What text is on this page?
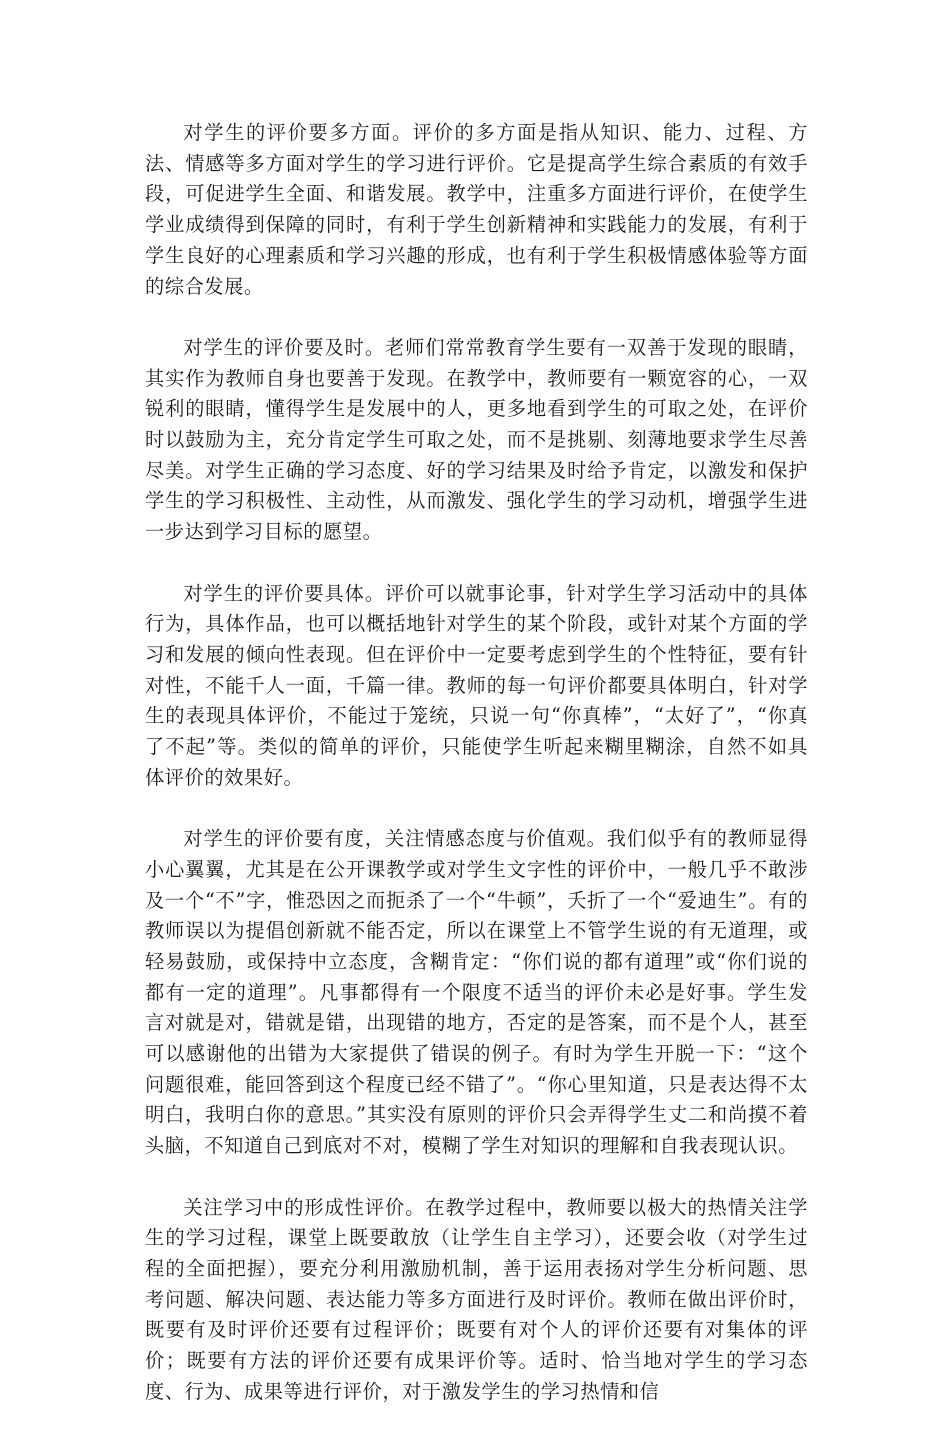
对学生的评价要多方面。评价的多方面是指从知识、能力、过程、方法、情感等多方面对学生的学习进行评价。它是提高学生综合素质的有效手段，可促进学生全面、和谐发展。教学中，注重多方面进行评价，在使学生学业成绩得到保障的同时，有利于学生创新精神和实践能力的发展，有利于学生良好的心理素质和学习兴趣的形成，也有利于学生积极情感体验等方面的综合发展。

对学生的评价要及时。老师们常常教育学生要有一双善于发现的眼睛，其实作为教师自身也要善于发现。在教学中，教师要有一颗宽容的心，一双锐利的眼睛，懂得学生是发展中的人，更多地看到学生的可取之处，在评价时以鼓励为主，充分肯定学生可取之处，而不是挑剔、刻薄地要求学生尽善尽美。对学生正确的学习态度、好的学习结果及时给予肯定，以激发和保护学生的学习积极性、主动性，从而激发、强化学生的学习动机，增强学生进一步达到学习目标的愿望。

对学生的评价要具体。评价可以就事论事，针对学生学习活动中的具体行为，具体作品，也可以概括地针对学生的某个阶段，或针对某个方面的学习和发展的倾向性表现。但在评价中一定要考虑到学生的个性特征，要有针对性，不能千人一面，千篇一律。教师的每一句评价都要具体明白，针对学生的表现具体评价，不能过于笼统，只说一句“你真棒”，“太好了”，“你真了不起”等。类似的简单的评价，只能使学生听起来糊里糊涂，自然不如具体评价的效果好。

对学生的评价要有度，关注情感态度与价值观。我们似乎有的教师显得小心翼翼，尤其是在公开课教学或对学生文字性的评价中，一般几乎不敢涉及一个“不”字，惟恐因之而扼杀了一个“牛顿”，夭折了一个“爱迪生”。有的教师误以为提倡创新就不能否定，所以在课堂上不管学生说的有无道理，或轻易鼓励，或保持中立态度，含糊肯定：“你们说的都有道理”或“你们说的都有一定的道理”。凡事都得有一个限度不适当的评价未必是好事。学生发言对就是对，错就是错，出现错的地方，否定的是答案，而不是个人，甚至可以感谢他的出错为大家提供了错误的例子。有时为学生开脱一下：“这个问题很难，能回答到这个程度已经不错了”。“你心里知道，只是表达得不太明白，我明白你的意思。”其实没有原则的评价只会弄得学生丈二和尚摸不着头脑，不知道自己到底对不对，模糊了学生对知识的理解和自我表现认识。

关注学习中的形成性评价。在教学过程中，教师要以极大的热情关注学生的学习过程，课堂上既要敢放（让学生自主学习），还要会收（对学生过程的全面把握），要充分利用激励机制，善于运用表扬对学生分析问题、思考问题、解决问题、表达能力等多方面进行及时评价。教师在做出评价时，既要有及时评价还要有过程评价；既要有对个人的评价还要有对集体的评价；既要有方法的评价还要有成果评价等。适时、恰当地对学生的学习态度、行为、成果等进行评价，对于激发学生的学习热情和信
